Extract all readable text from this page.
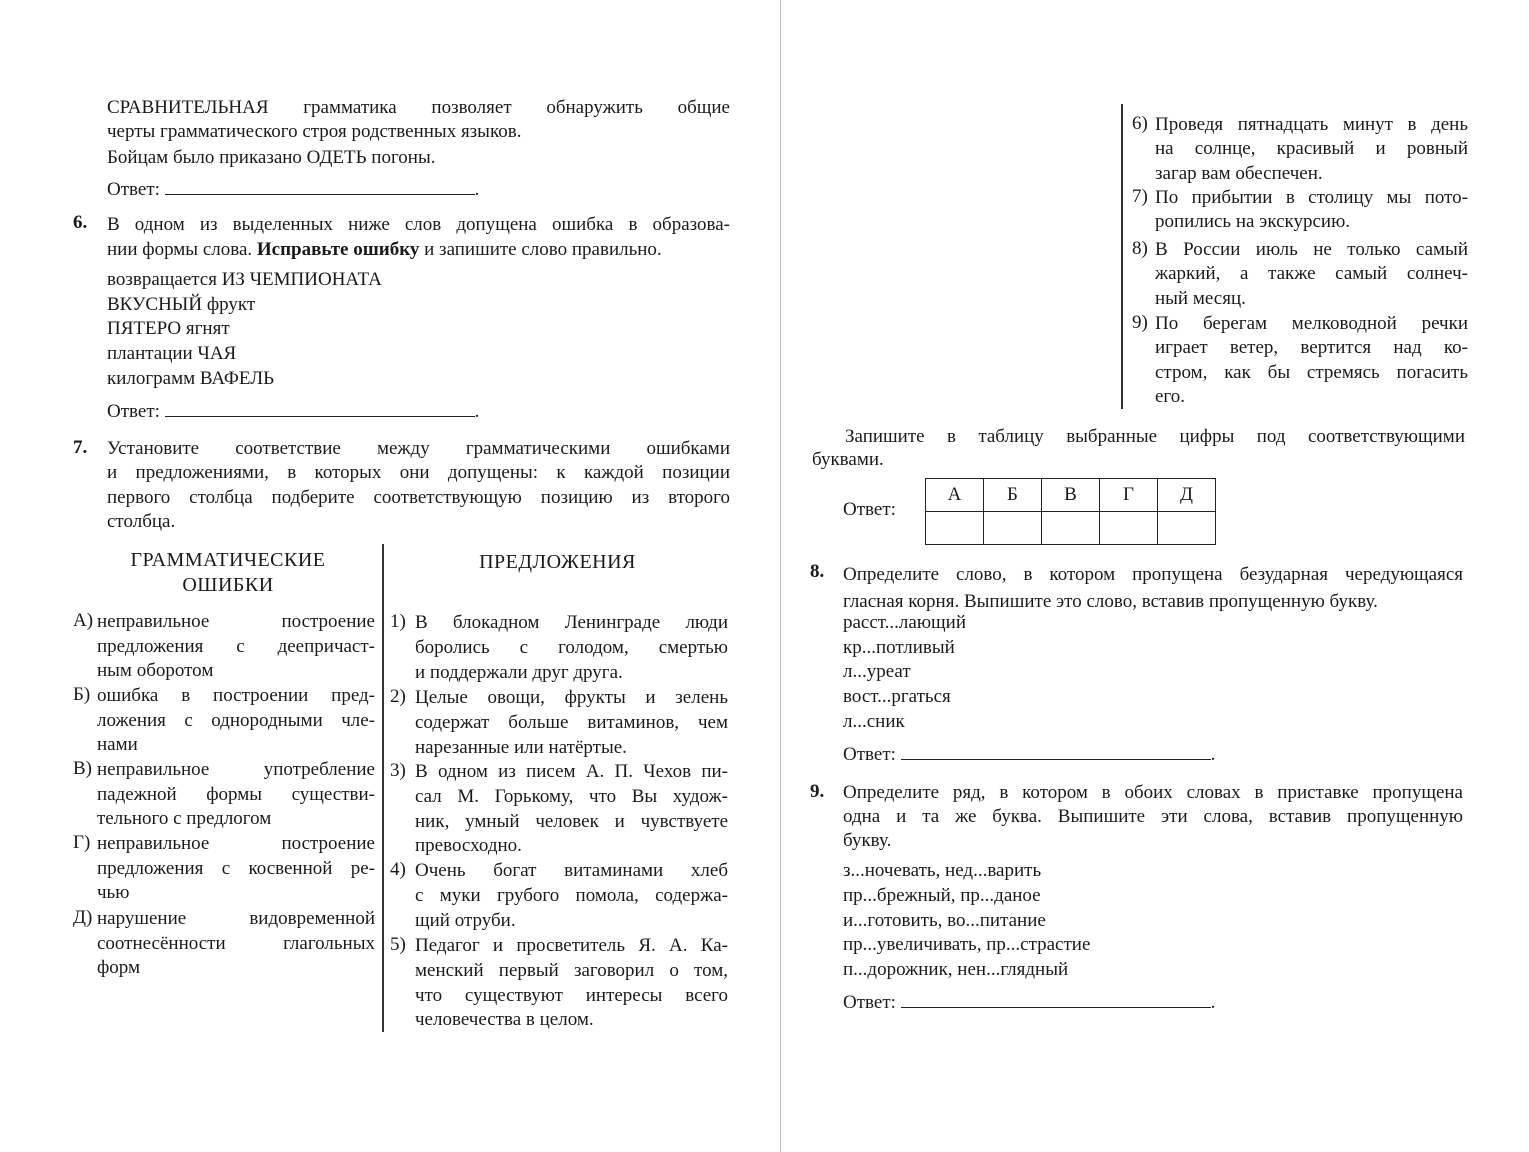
СРАВНИТЕЛЬНАЯ грамматика позволяет обнаружить общие
черты грамматического строя родственных языков.
Бойцам было приказано ОДЕТЬ погоны.
Ответ:	.
6. В одном из выделенных ниже слов допущена ошибка в образова-
нии формы слова. Исправьте ошибку и запишите слово правильно.
возвращается ИЗ ЧЕМПИОНАТА
ВКУСНЫЙ фрукт
ПЯТЕРО ягнят
плантации ЧАЯ
килограмм ВАФЕЛЬ
Ответ:	.
7. Установите соответствие между грамматическими ошибками
и предложениями, в которых они допущены: к каждой позиции
первого столбца подберите соответствующую позицию из второго
столбца.
ГРАММАТИЧЕСКИЕ
ОШИБКИ
ПРЕДЛОЖЕНИЯ
А) неправильное построение
предложения с деепричаст-
ным оборотом
Б) ошибка в построении пред-
ложения с однородными чле-
нами
В) неправильное употребление
падежной формы существи-
тельного с предлогом
Г) неправильное построение
предложения с косвенной ре-
чью
Д) нарушение видовременной
соотнесённости глагольных
форм
1) В блокадном Ленинграде люди
боролись с голодом, смертью
и поддержали друг друга.
2) Целые овощи, фрукты и зелень
содержат больше витаминов, чем
нарезанные или натёртые.
3) В одном из писем А. П. Чехов пи-
сал М. Горькому, что Вы худож-
ник, умный человек и чувствуете
превосходно.
4) Очень богат витаминами хлеб
с муки грубого помола, содержа-
щий отруби.
5) Педагог и просветитель Я. А. Ка-
менский первый заговорил о том,
что существуют интересы всего
человечества в целом.
6) Проведя пятнадцать минут в день
на солнце, красивый и ровный
загар вам обеспечен.
7) По прибытии в столицу мы пото-
ропились на экскурсию.
8) В России июль не только самый
жаркий, а также самый солнеч-
ный месяц.
9) По берегам мелководной речки
играет ветер, вертится над ко-
стром, как бы стремясь погасить
его.
Запишите в таблицу выбранные цифры под соответствующими
буквами.
Ответ:
А	Б	В	Г	Д

8. Определите слово, в котором пропущена безударная чередующаяся
гласная корня. Выпишите это слово, вставив пропущенную букву.
расст...лающий
кр...потливый
л...уреат
вост...ргаться
л...сник
Ответ:	.
9. Определите ряд, в котором в обоих словах в приставке пропущена
одна и та же буква. Выпишите эти слова, вставив пропущенную
букву.
з...ночевать, нед...варить
пр...брежный, пр...даное
и...готовить, во...питание
пр...увеличивать, пр...страстие
п...дорожник, нен...глядный
Ответ:	.
